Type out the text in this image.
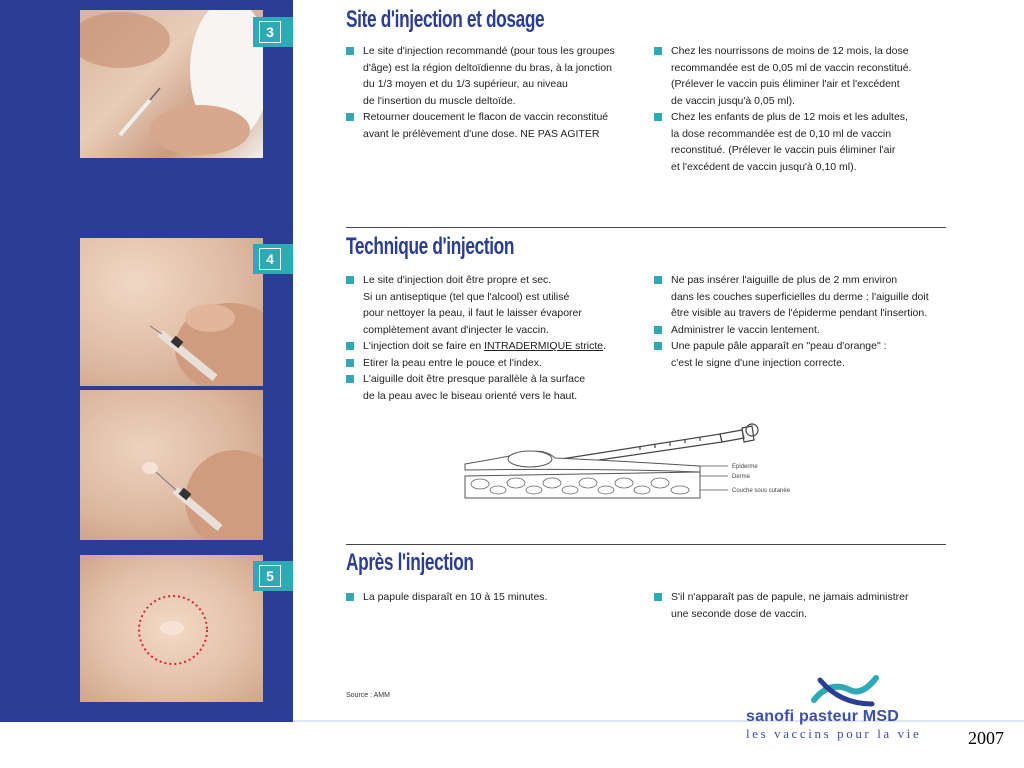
3
4
5
Site d'injection et dosage
Le site d'injection recommandé (pour tous les groupes
d'âge) est la région deltoïdienne du bras, à la jonction
du 1/3 moyen et du 1/3 supérieur, au niveau
de l'insertion du muscle deltoïde.
Retourner doucement le flacon de vaccin reconstitué
avant le prélèvement d'une dose. NE PAS AGITER
Chez les nourrissons de moins de 12 mois, la dose
recommandée est de 0,05 ml de vaccin reconstitué.
(Prélever le vaccin puis éliminer l'air et l'excédent
de vaccin jusqu'à 0,05 ml).
Chez les enfants de plus de 12 mois et les adultes,
la dose recommandée est de 0,10 ml de vaccin
reconstitué. (Prélever le vaccin puis éliminer l'air
et l'excédent de vaccin jusqu'à 0,10 ml).
Technique d'injection
Le site d'injection doit être propre et sec.
Si un antiseptique (tel que l'alcool) est utilisé
pour nettoyer la peau, il faut le laisser évaporer
complètement avant d'injecter le vaccin.
L'injection doit se faire en INTRADERMIQUE stricte.
Etirer la peau entre le pouce et l'index.
L'aiguille doit être presque parallèle à la surface
de la peau avec le biseau orienté vers le haut.
Ne pas insérer l'aiguille de plus de 2 mm environ
dans les couches superficielles du derme : l'aiguille doit
être visible au travers de l'épiderme pendant l'insertion.
Administrer le vaccin lentement.
Une papule pâle apparaît en "peau d'orange" :
c'est le signe d'une injection correcte.
Epiderme
Derme
Couche sous cutanée
Après l'injection
La papule disparaît en 10 à 15 minutes.	S'il n'apparaît pas de papule, ne jamais administrer
une seconde dose de vaccin.
Source : AMM
sanofi pasteur MSD
les vaccins pour la vie	2007
